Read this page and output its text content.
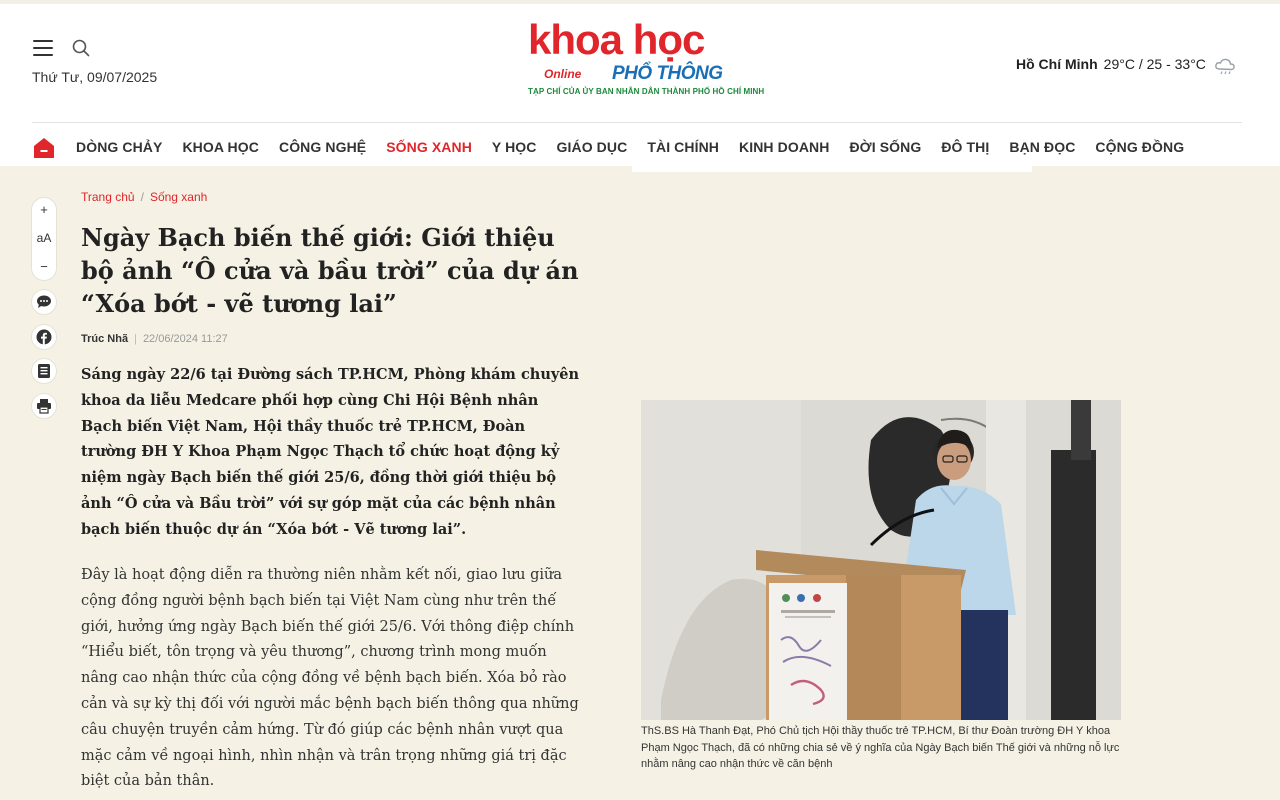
Thứ Tư, 09/07/2025
khoa học
Online PHỔ THÔNG
TẠP CHÍ CỦA ỦY BAN NHÂN DÂN THÀNH PHỐ HỒ CHÍ MINH
Hồ Chí Minh 29°C / 25 - 33°C
DÒNG CHẢY KHOA HỌC CÔNG NGHỆ SỐNG XANH Y HỌC GIÁO DỤC TÀI CHÍNH KINH DOANH ĐỜI SỐNG ĐÔ THỊ BẠN ĐỌC CỘNG ĐỒNG
+
aA
−
Trang chủ / Sống xanh
Ngày Bạch biến thế giới: Giới thiệu bộ ảnh “Ô cửa và bầu trời” của dự án “Xóa bớt - vẽ tương lai”
Trúc Nhã | 22/06/2024 11:27

Sáng ngày 22/6 tại Đường sách TP.HCM, Phòng khám chuyên khoa da liễu Medcare phối hợp cùng Chi Hội Bệnh nhân Bạch biến Việt Nam, Hội thầy thuốc trẻ TP.HCM, Đoàn trường ĐH Y Khoa Phạm Ngọc Thạch tổ chức hoạt động kỷ niệm ngày Bạch biến thế giới 25/6, đồng thời giới thiệu bộ ảnh “Ô cửa và Bầu trời” với sự góp mặt của các bệnh nhân bạch biến thuộc dự án “Xóa bớt - Vẽ tương lai”.

Đây là hoạt động diễn ra thường niên nhằm kết nối, giao lưu giữa cộng đồng người bệnh bạch biến tại Việt Nam cùng như trên thế giới, hưởng ứng ngày Bạch biến thế giới 25/6. Với thông điệp chính “Hiểu biết, tôn trọng và yêu thương”, chương trình mong muốn nâng cao nhận thức của cộng đồng về bệnh bạch biến. Xóa bỏ rào cản và sự kỳ thị đối với người mắc bệnh bạch biến thông qua những câu chuyện truyền cảm hứng. Từ đó giúp các bệnh nhân vượt qua mặc cảm về ngoại hình, nhìn nhận và trân trọng những giá trị đặc biệt của bản thân.

ThS.BS Hà Thanh Đạt, Phó Chủ tịch Hội thầy thuốc trẻ TP.HCM, Bí thư Đoàn trường ĐH Y khoa Phạm Ngọc Thạch, đã có những chia sẻ về ý nghĩa của Ngày Bạch biến Thế giới và những nỗ lực nhằm nâng cao nhận thức về căn bệnh
